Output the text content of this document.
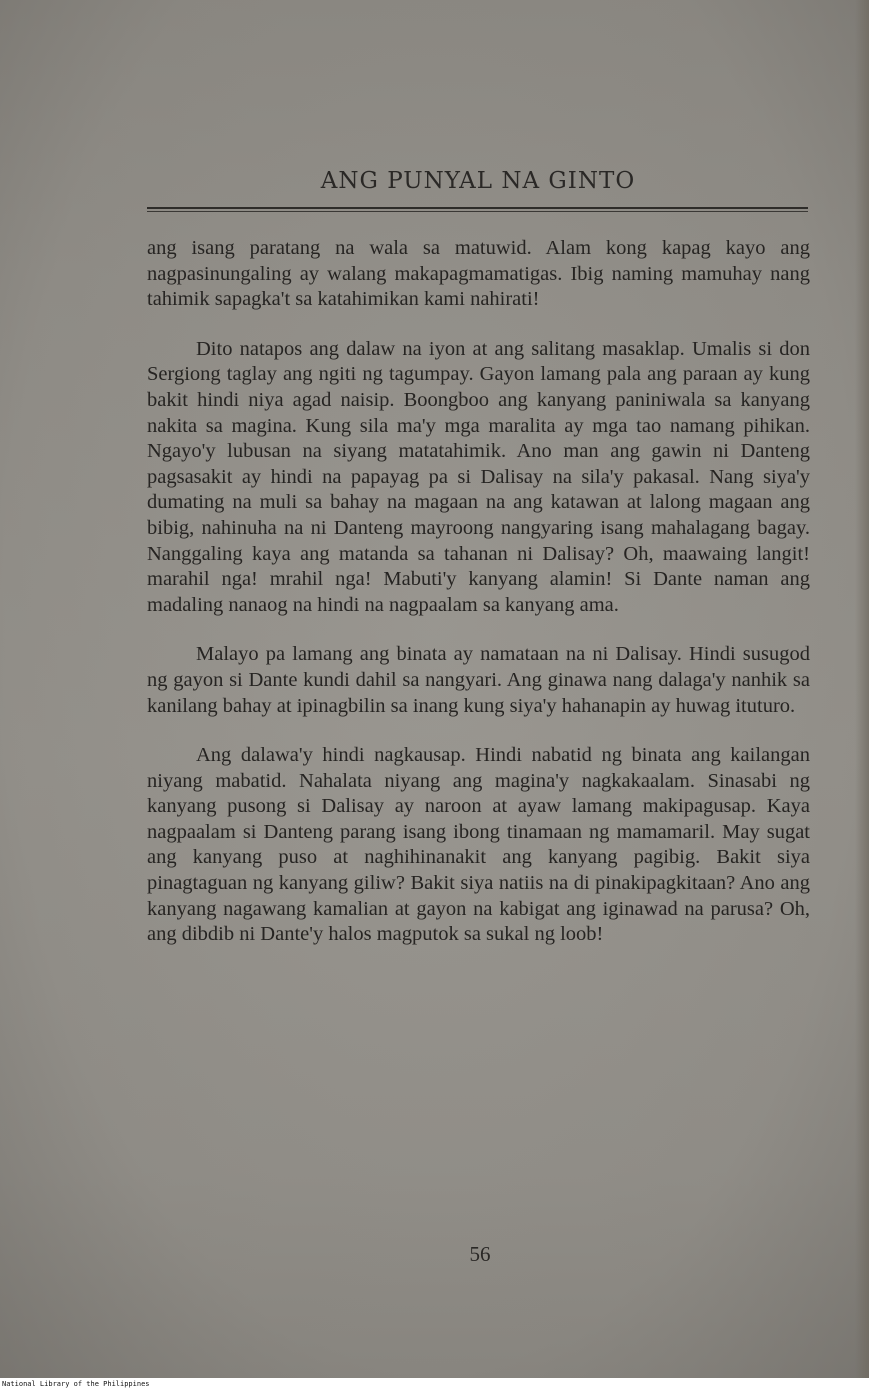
ANG PUNYAL NA GINTO

ang isang paratang na wala sa matuwid. Alam kong kapag kayo ang nagpasinungaling ay walang makapagmamatigas. Ibig naming mamuhay nang tahimik sapagka't sa katahimikan kami nahirati!

Dito natapos ang dalaw na iyon at ang salitang masaklap. Umalis si don Sergiong taglay ang ngiti ng tagumpay. Gayon lamang pala ang paraan ay kung bakit hindi niya agad naisip. Boongboo ang kanyang paniniwala sa kanyang nakita sa magina. Kung sila ma'y mga maralita ay mga tao namang pihikan. Ngayo'y lubusan na siyang matatahimik. Ano man ang gawin ni Danteng pagsasakit ay hindi na papayag pa si Dalisay na sila'y pakasal. Nang siya'y dumating na muli sa bahay na magaan na ang katawan at lalong magaan ang bibig, nahinuha na ni Danteng mayroong nangyaring isang mahalagang bagay. Nanggaling kaya ang matanda sa tahanan ni Dalisay? Oh, maawaing langit! marahil nga! mrahil nga! Mabuti'y kanyang alamin! Si Dante naman ang madaling nanaog na hindi na nagpaalam sa kanyang ama.

Malayo pa lamang ang binata ay namataan na ni Dalisay. Hindi susugod ng gayon si Dante kundi dahil sa nangyari. Ang ginawa nang dalaga'y nanhik sa kanilang bahay at ipinagbilin sa inang kung siya'y hahanapin ay huwag ituturo.

Ang dalawa'y hindi nagkausap. Hindi nabatid ng binata ang kailangan niyang mabatid. Nahalata niyang ang magina'y nagkakaalam. Sinasabi ng kanyang pusong si Dalisay ay naroon at ayaw lamang makipagusap. Kaya nagpaalam si Danteng parang isang ibong tinamaan ng mamamaril. May sugat ang kanyang puso at naghihinanakit ang kanyang pagibig. Bakit siya pinagtaguan ng kanyang giliw? Bakit siya natiis na di pinakipagkitaan? Ano ang kanyang nagawang kamalian at gayon na kabigat ang iginawad na parusa? Oh, ang dibdib ni Dante'y halos magputok sa sukal ng loob!

56
National Library of the Philippines
